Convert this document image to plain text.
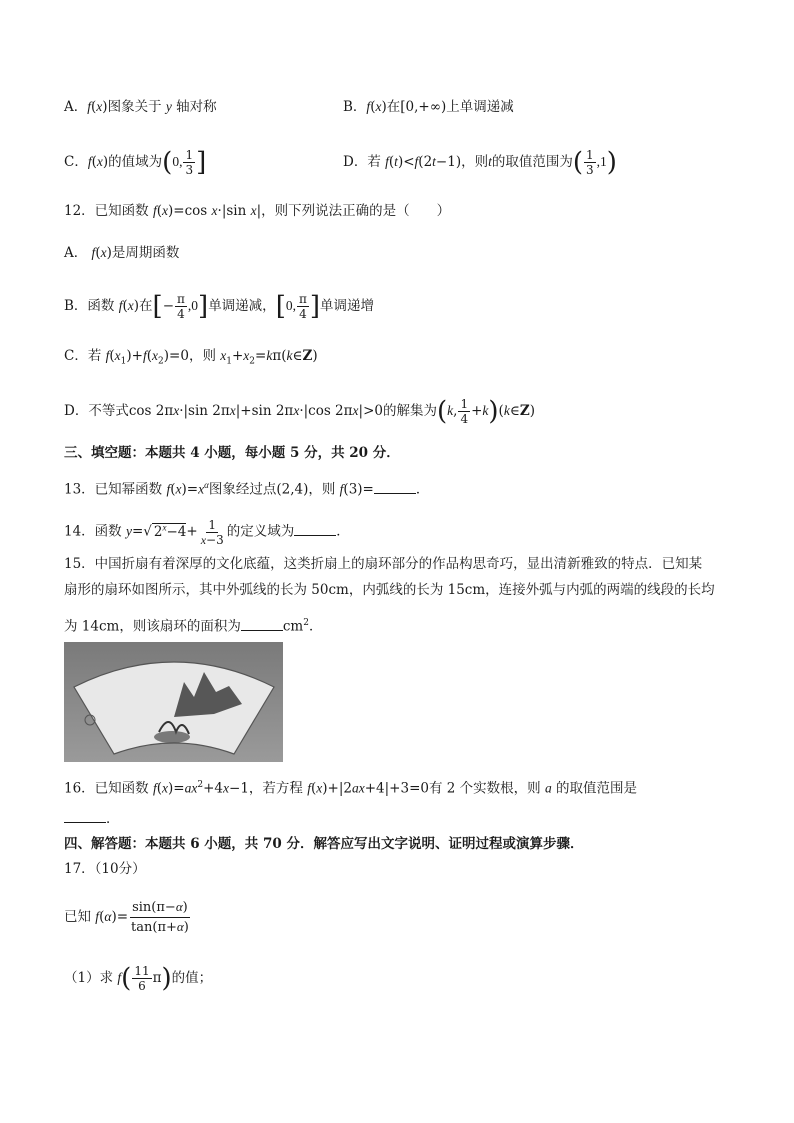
A．f(x)图象关于 y 轴对称	B．f(x)在[0,+∞)上单调递减
C．f(x)的值域为(0, $\frac{1}{3}$ ]	D．若 f(t)<f(2t−1)，则t的取值范围为( $\frac{1}{3} ,1$)
12．已知函数 f(x)=cos x·|sin x|，则下列说法正确的是（　　）
A． f(x)是周期函数
B．函数 f(x)在[− $\frac{\pi}{4} ,0$]单调递减，[0, $\frac{\pi}{4}$ ]单调递增
C．若 $f(x_1)+f(x_2)=0$，则 $x_1+x_2=k\pi(k\in Z)$
D．不等式cos 2πx·|sin 2πx|+sin 2πx·|cos 2πx|>0的解集为(k, $\frac{1}{4}$ +k)(k∈Z)
三、填空题：本题共 4 小题，每小题 5 分，共 20 分．
13．已知幂函数 $f(x)=x^\alpha$图象经过点(2,4)，则 f(3)=	．
14．函数 y=√ $2^x-4+ \frac{1}{x-3}$ 的定义域为	．
15．中国折扇有着深厚的文化底蕴，这类折扇上的扇环部分的作品构思奇巧，显出清新雅致的特点．已知某
扇形的扇环如图所示，其中外弧线的长为 50cm，内弧线的长为 15cm，连接外弧与内弧的两端的线段的长均
为 14cm，则该扇环的面积为	$cm^2$．
16．已知函数 $f(x)=ax^2+4x-1$，若方程 f(x)+|2ax+4|+3=0有 2 个实数根，则 a 的取值范围是
．
四、解答题：本题共 6 小题，共 70 分．解答应写出文字说明、证明过程或演算步骤．
17．（10分）
已知 $f(\alpha)= \frac{\sin(\pi-\alpha)}{\tan(\pi+\alpha)}$
（1）求 $f( \frac{11}{6} \pi)$的值；
